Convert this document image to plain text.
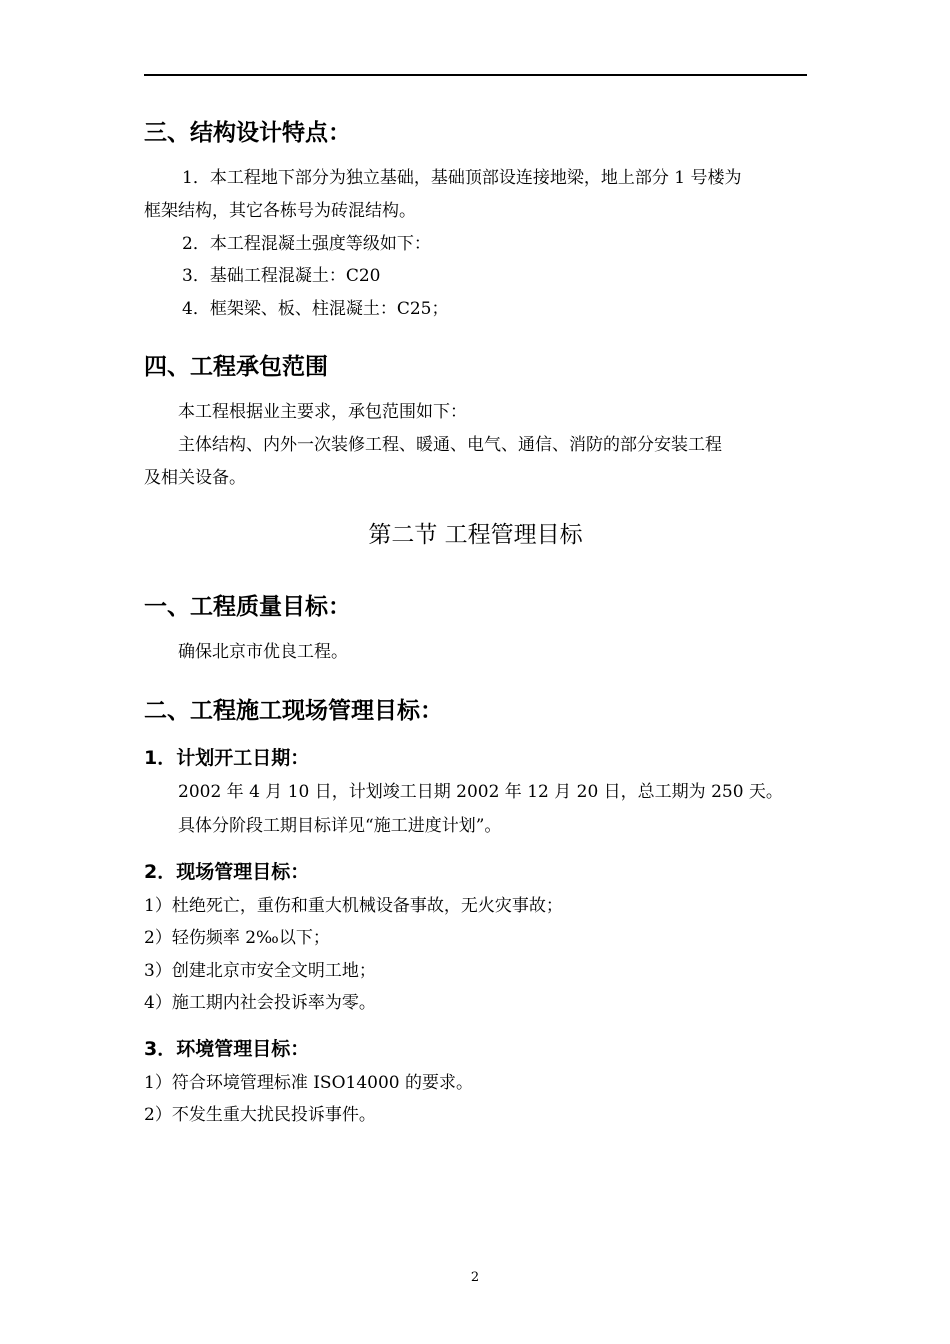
三、结构设计特点：
1．本工程地下部分为独立基础，基础顶部设连接地梁，地上部分 1 号楼为
框架结构，其它各栋号为砖混结构。
2．本工程混凝土强度等级如下：
3．基础工程混凝土：C20
4．框架梁、板、柱混凝土：C25；
四、工程承包范围
本工程根据业主要求，承包范围如下：
主体结构、内外一次装修工程、暖通、电气、通信、消防的部分安装工程
及相关设备。
第二节 工程管理目标
一、工程质量目标：
确保北京市优良工程。
二、工程施工现场管理目标：
1．计划开工日期：
2002 年 4 月 10 日，计划竣工日期 2002 年 12 月 20 日，总工期为 250 天。
具体分阶段工期目标详见“施工进度计划”。
2．现场管理目标：
1）杜绝死亡，重伤和重大机械设备事故，无火灾事故；
2）轻伤频率 2‰以下；
3）创建北京市安全文明工地；
4）施工期内社会投诉率为零。
3．环境管理目标：
1）符合环境管理标准 ISO14000 的要求。
2）不发生重大扰民投诉事件。
2
